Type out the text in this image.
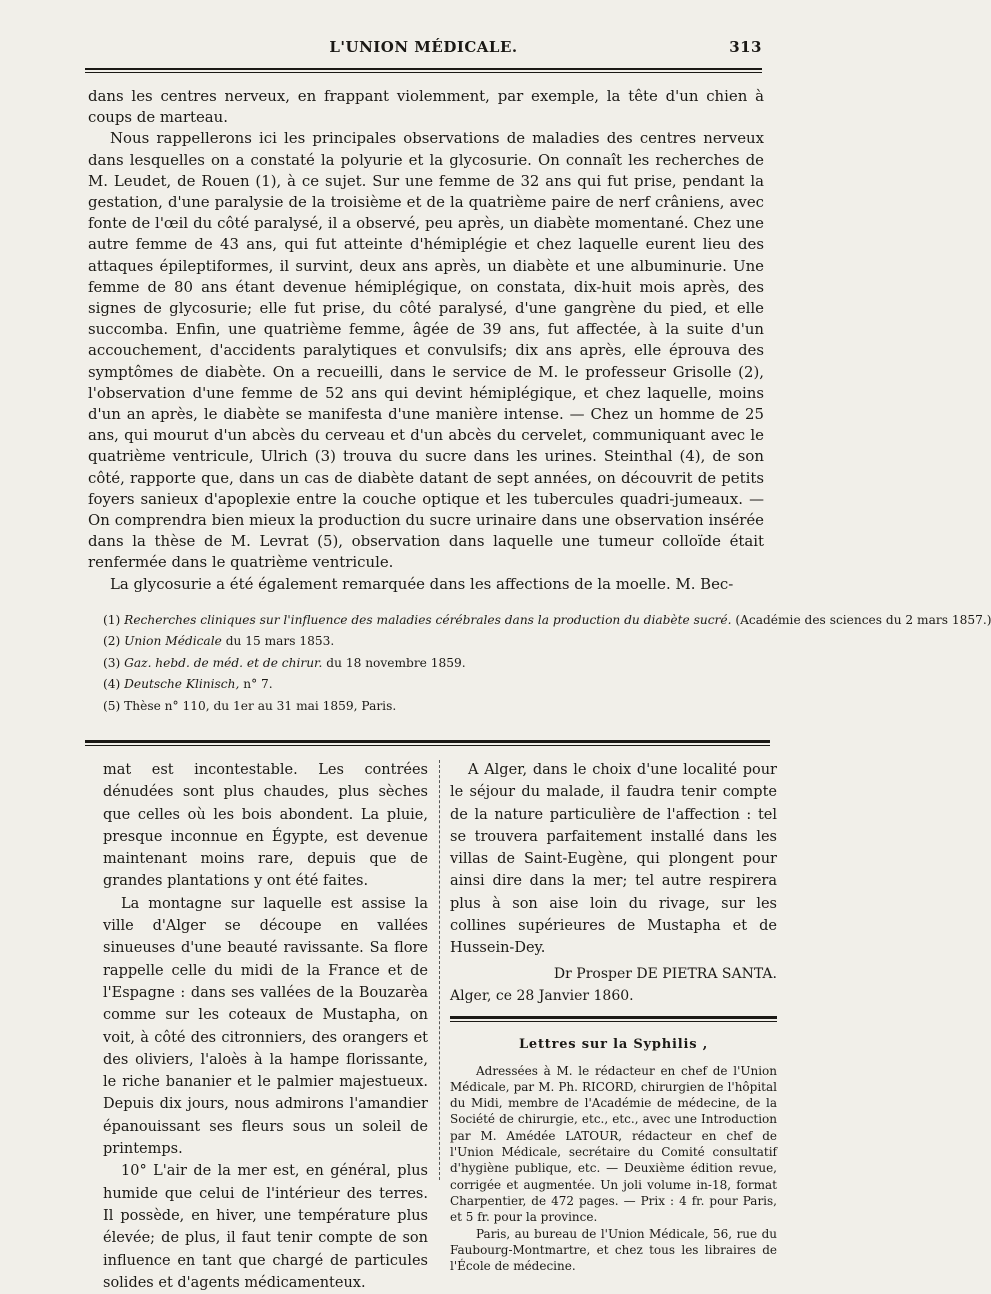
L'UNION MÉDICALE.	313

dans les centres nerveux, en frappant violemment, par exemple, la tête d'un chien à coups de marteau.

Nous rappellerons ici les principales observations de maladies des centres nerveux dans lesquelles on a constaté la polyurie et la glycosurie. On connaît les recherches de M. Leudet, de Rouen (1), à ce sujet. Sur une femme de 32 ans qui fut prise, pendant la gestation, d'une paralysie de la troisième et de la quatrième paire de nerf crâniens, avec fonte de l'œil du côté paralysé, il a observé, peu après, un diabète momentané. Chez une autre femme de 43 ans, qui fut atteinte d'hémiplégie et chez laquelle eurent lieu des attaques épileptiformes, il survint, deux ans après, un diabète et une albuminurie. Une femme de 80 ans étant devenue hémiplégique, on constata, dix-huit mois après, des signes de glycosurie; elle fut prise, du côté paralysé, d'une gangrène du pied, et elle succomba. Enfin, une quatrième femme, âgée de 39 ans, fut affectée, à la suite d'un accouchement, d'accidents paralytiques et convulsifs; dix ans après, elle éprouva des symptômes de diabète. On a recueilli, dans le service de M. le professeur Grisolle (2), l'observation d'une femme de 52 ans qui devint hémiplégique, et chez laquelle, moins d'un an après, le diabète se manifesta d'une manière intense. — Chez un homme de 25 ans, qui mourut d'un abcès du cerveau et d'un abcès du cervelet, communiquant avec le quatrième ventricule, Ulrich (3) trouva du sucre dans les urines. Steinthal (4), de son côté, rapporte que, dans un cas de diabète datant de sept années, on découvrit de petits foyers sanieux d'apoplexie entre la couche optique et les tubercules quadri-jumeaux. — On comprendra bien mieux la production du sucre urinaire dans une observation insérée dans la thèse de M. Levrat (5), observation dans laquelle une tumeur colloïde était renfermée dans le quatrième ventricule.

La glycosurie a été également remarquée dans les affections de la moelle. M. Bec-

(1) Recherches cliniques sur l'influence des maladies cérébrales dans la production du diabète sucré. (Académie des sciences du 2 mars 1857.)
(2) Union Médicale du 15 mars 1853.
(3) Gaz. hebd. de méd. et de chirur. du 18 novembre 1859.
(4) Deutsche Klinisch, n° 7.
(5) Thèse n° 110, du 1er au 31 mai 1859, Paris.

mat est incontestable. Les contrées dénudées sont plus chaudes, plus sèches que celles où les bois abondent. La pluie, presque inconnue en Égypte, est devenue maintenant moins rare, depuis que de grandes plantations y ont été faites.

La montagne sur laquelle est assise la ville d'Alger se découpe en vallées sinueuses d'une beauté ravissante. Sa flore rappelle celle du midi de la France et de l'Espagne : dans ses vallées de la Bouzarèa comme sur les coteaux de Mustapha, on voit, à côté des citronniers, des orangers et des oliviers, l'aloès à la hampe florissante, le riche bananier et le palmier majestueux. Depuis dix jours, nous admirons l'amandier épanouissant ses fleurs sous un soleil de printemps.

10° L'air de la mer est, en général, plus humide que celui de l'intérieur des terres. Il possède, en hiver, une température plus élevée; de plus, il faut tenir compte de son influence en tant que chargé de particules solides et d'agents médicamenteux.

A Alger, dans le choix d'une localité pour le séjour du malade, il faudra tenir compte de la nature particulière de l'affection : tel se trouvera parfaitement installé dans les villas de Saint-Eugène, qui plongent pour ainsi dire dans la mer; tel autre respirera plus à son aise loin du rivage, sur les collines supérieures de Mustapha et de Hussein-Dey.

Dr Prosper DE PIETRA SANTA.

Alger, ce 28 Janvier 1860.

Lettres sur la Syphilis ,

Adressées à M. le rédacteur en chef de l'Union Médicale, par M. Ph. RICORD, chirurgien de l'hôpital du Midi, membre de l'Académie de médecine, de la Société de chirurgie, etc., etc., avec une Introduction par M. Amédée LATOUR, rédacteur en chef de l'Union Médicale, secrétaire du Comité consultatif d'hygiène publique, etc. — Deuxième édition revue, corrigée et augmentée. Un joli volume in-18, format Charpentier, de 472 pages. — Prix : 4 fr. pour Paris, et 5 fr. pour la province.

Paris, au bureau de l'Union Médicale, 56, rue du Faubourg-Montmartre, et chez tous les libraires de l'École de médecine.
